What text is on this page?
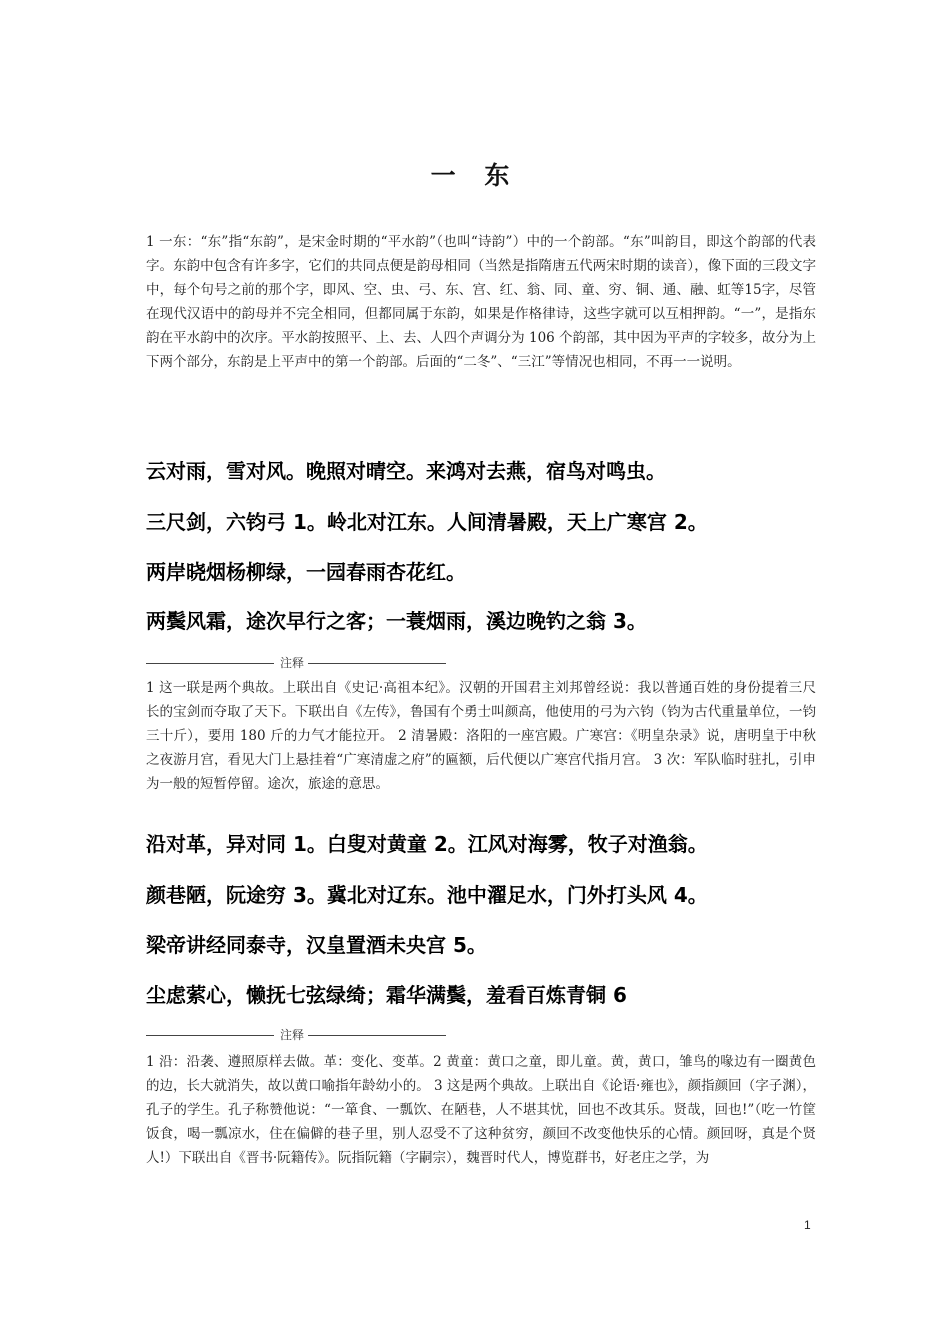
一 东

1 一东：“东”指“东韵”，是宋金时期的“平水韵”（也叫“诗韵”）中的一个韵部。“东”叫韵目，即这个韵部的代表字。东韵中包含有许多字，它们的共同点便是韵母相同（当然是指隋唐五代两宋时期的读音），像下面的三段文字中，每个句号之前的那个字，即风、空、虫、弓、东、宫、红、翁、同、童、穷、铜、通、融、虹等15字，尽管在现代汉语中的韵母并不完全相同，但都同属于东韵，如果是作格律诗，这些字就可以互相押韵。“一”，是指东韵在平水韵中的次序。平水韵按照平、上、去、人四个声调分为 106 个韵部，其中因为平声的字较多，故分为上下两个部分，东韵是上平声中的第一个韵部。后面的“二冬”、“三江”等情况也相同，不再一一说明。

云对雨，雪对风。晚照对晴空。来鸿对去燕，宿鸟对鸣虫。

三尺剑，六钧弓 1。岭北对江东。人间清暑殿，天上广寒宫 2。

两岸晓烟杨柳绿，一园春雨杏花红。

两鬓风霜，途次早行之客；一蓑烟雨，溪边晚钓之翁 3。

注释

1 这一联是两个典故。上联出自《史记·高祖本纪》。汉朝的开国君主刘邦曾经说：我以普通百姓的身份提着三尺长的宝剑而夺取了天下。下联出自《左传》，鲁国有个勇士叫颜高，他使用的弓为六钧（钧为古代重量单位，一钧三十斤），要用 180 斤的力气才能拉开。 2 清暑殿：洛阳的一座宫殿。广寒宫：《明皇杂录》说，唐明皇于中秋之夜游月宫，看见大门上悬挂着“广寒清虚之府”的匾额，后代便以广寒宫代指月宫。 3 次：军队临时驻扎，引申为一般的短暂停留。途次，旅途的意思。

沿对革，异对同 1。白叟对黄童 2。江风对海雾，牧子对渔翁。

颜巷陋，阮途穷 3。冀北对辽东。池中濯足水，门外打头风 4。

梁帝讲经同泰寺，汉皇置酒未央宫 5。

尘虑萦心，懒抚七弦绿绮；霜华满鬓，羞看百炼青铜 6

注释

1 沿：沿袭、遵照原样去做。革：变化、变革。2 黄童：黄口之童，即儿童。黄，黄口，雏鸟的喙边有一圈黄色的边，长大就消失，故以黄口喻指年龄幼小的。 3 这是两个典故。上联出自《论语·雍也》，颜指颜回（字子渊），孔子的学生。孔子称赞他说：“一箪食、一瓢饮、在陋巷，人不堪其忧，回也不改其乐。贤哉，回也!”（吃一竹筐饭食，喝一瓢凉水，住在偏僻的巷子里，别人忍受不了这种贫穷，颜回不改变他快乐的心情。颜回呀，真是个贤人!）下联出自《晋书·阮籍传》。阮指阮籍（字嗣宗），魏晋时代人，博览群书，好老庄之学，为

1
